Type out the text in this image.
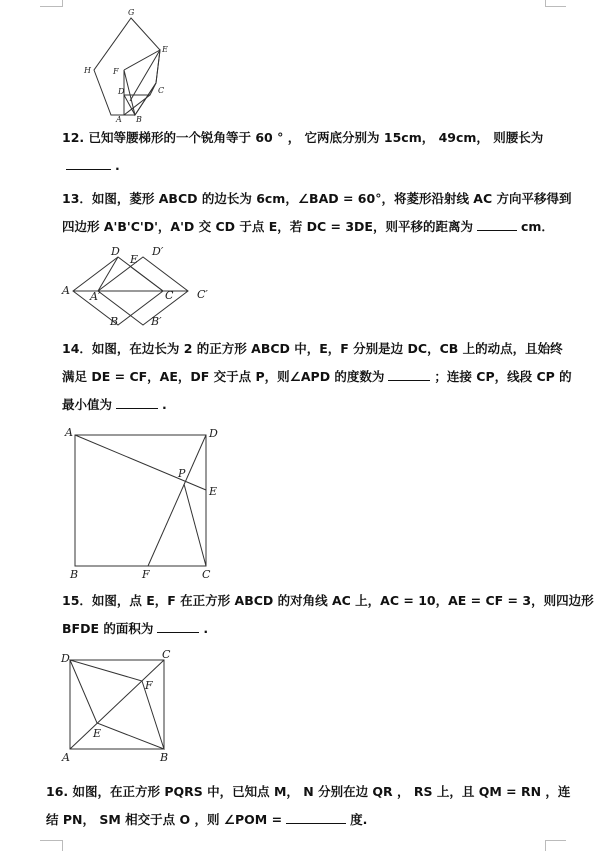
G
E
H	F
D	C
A B
12. 已知等腰梯形的一个锐角等于 60 ° ， 它两底分别为 15cm， 49cm， 则腰长为
.
13．如图，菱形 ABCD 的边长为 6cm，∠BAD = 60°，将菱形沿射线 AC 方向平移得到
四边形 A'B'C'D'，A'D 交 CD 于点 E，若 DC = 3DE，则平移的距离为	cm．
A A′
B	B′
C C′
D	D′
E
14．如图，在边长为 2 的正方形 ABCD 中，E，F 分别是边 DC，CB 上的动点，且始终
满足 DE = CF，AE，DF 交于点 P，则∠APD 的度数为	；连接 CP，线段 CP 的
最小值为	.
A	D
P
E
B	F	C
15．如图，点 E，F 在正方形 ABCD 的对角线 AC 上，AC = 10，AE = CF = 3，则四边形
BFDE 的面积为	.
D	C
F
E
A	B
16. 如图，在正方形 PQRS 中，已知点 M， N 分别在边 QR ， RS 上，且 QM = RN ，连
结 PN， SM 相交于点 O ，则 ∠POM =	度.
